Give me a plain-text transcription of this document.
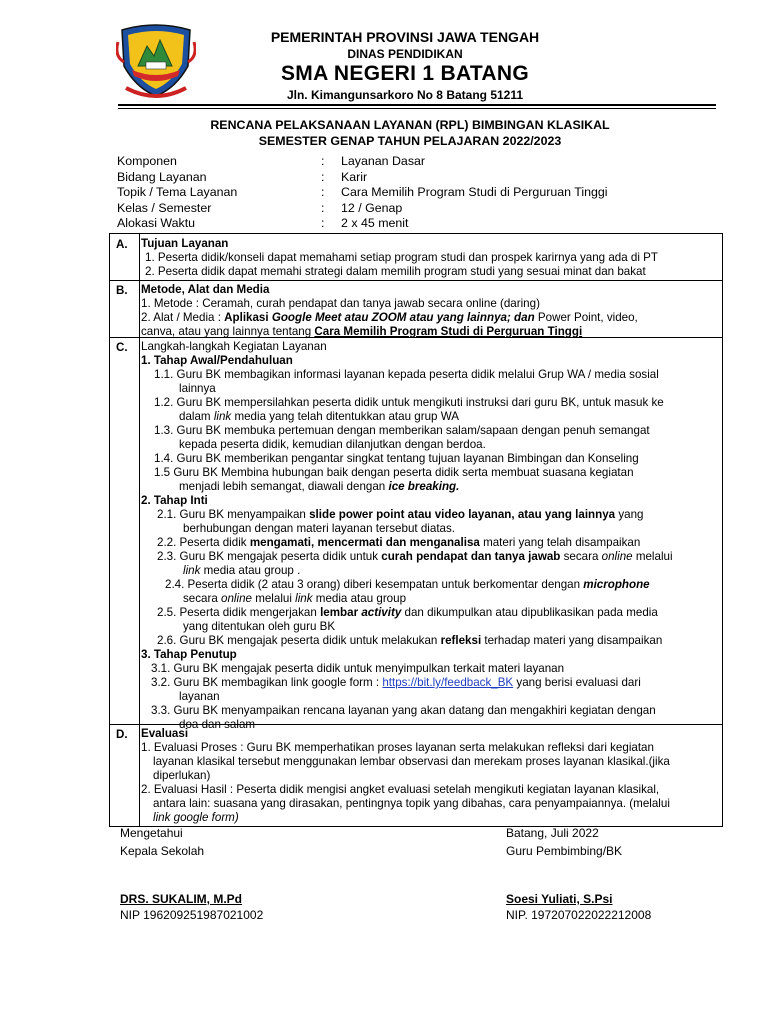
PEMERINTAH PROVINSI JAWA TENGAH
DINAS PENDIDIKAN
SMA NEGERI 1 BATANG
Jln. Kimangunsarkoro No 8 Batang 51211
RENCANA PELAKSANAAN LAYANAN (RPL) BIMBINGAN KLASIKAL
SEMESTER GENAP TAHUN PELAJARAN 2022/2023
Komponen	: Layanan Dasar
Bidang Layanan	: Karir
Topik / Tema Layanan	: Cara Memilih Program Studi di Perguruan Tinggi
Kelas / Semester	: 12 / Genap
Alokasi Waktu	: 2 x 45 menit
A. Tujuan Layanan
1. Peserta didik/konseli dapat memahami setiap program studi dan prospek karirnya yang ada di PT
2. Peserta didik dapat memahi strategi dalam memilih program studi yang sesuai minat dan bakat
B. Metode, Alat dan Media
1. Metode : Ceramah, curah pendapat dan tanya jawab secara online (daring)
2. Alat / Media : Aplikasi Google Meet atau ZOOM atau yang lainnya; dan Power Point, video,
canva, atau yang lainnya tentang Cara Memilih Program Studi di Perguruan Tinggi
C. Langkah-langkah Kegiatan Layanan
1. Tahap Awal/Pendahuluan
1.1. Guru BK membagikan informasi layanan kepada peserta didik melalui Grup WA / media sosial
lainnya
1.2. Guru BK mempersilahkan peserta didik untuk mengikuti instruksi dari guru BK, untuk masuk ke
dalam link media yang telah ditentukkan atau grup WA
1.3. Guru BK membuka pertemuan dengan memberikan salam/sapaan dengan penuh semangat
kepada peserta didik, kemudian dilanjutkan dengan berdoa.
1.4. Guru BK memberikan pengantar singkat tentang tujuan layanan Bimbingan dan Konseling
1.5 Guru BK Membina hubungan baik dengan peserta didik serta membuat suasana kegiatan
menjadi lebih semangat, diawali dengan ice breaking.
2. Tahap Inti
2.1. Guru BK menyampaikan slide power point atau video layanan, atau yang lainnya yang
berhubungan dengan materi layanan tersebut diatas.
2.2. Peserta didik mengamati, mencermati dan menganalisa materi yang telah disampaikan
2.3. Guru BK mengajak peserta didik untuk curah pendapat dan tanya jawab secara online melalui
link media atau group .
2.4. Peserta didik (2 atau 3 orang) diberi kesempatan untuk berkomentar dengan microphone
secara online melalui link media atau group
2.5. Peserta didik mengerjakan lembar activity dan dikumpulkan atau dipublikasikan pada media
yang ditentukan oleh guru BK
2.6. Guru BK mengajak peserta didik untuk melakukan refleksi terhadap materi yang disampaikan
3. Tahap Penutup
3.1. Guru BK mengajak peserta didik untuk menyimpulkan terkait materi layanan
3.2. Guru BK membagikan link google form : https://bit.ly/feedback_BK yang berisi evaluasi dari
layanan
3.3. Guru BK menyampaikan rencana layanan yang akan datang dan mengakhiri kegiatan dengan
doa dan salam
D. Evaluasi
1. Evaluasi Proses : Guru BK memperhatikan proses layanan serta melakukan refleksi dari kegiatan
layanan klasikal tersebut menggunakan lembar observasi dan merekam proses layanan klasikal.(jika
diperlukan)
2. Evaluasi Hasil : Peserta didik mengisi angket evaluasi setelah mengikuti kegiatan layanan klasikal,
antara lain: suasana yang dirasakan, pentingnya topik yang dibahas, cara penyampaiannya. (melalui
link google form)
Mengetahui
Kepala Sekolah
DRS. SUKALIM, M.Pd
NIP 196209251987021002
Batang, Juli 2022
Guru Pembimbing/BK
Soesi Yuliati, S.Psi
NIP. 197207022022212008
